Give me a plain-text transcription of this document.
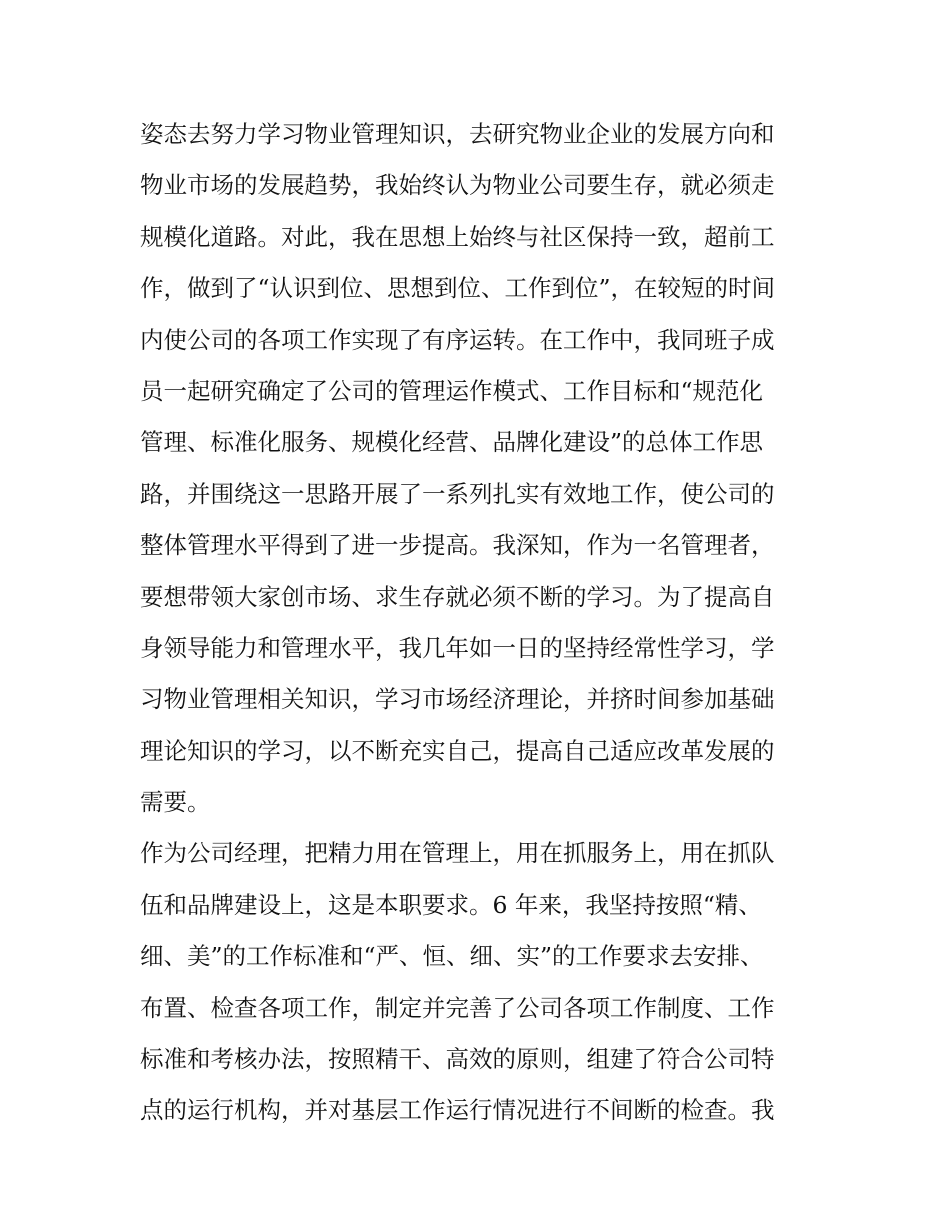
姿态去努力学习物业管理知识，去研究物业企业的发展方向和
物业市场的发展趋势，我始终认为物业公司要生存，就必须走
规模化道路。对此，我在思想上始终与社区保持一致，超前工
作，做到了“认识到位、思想到位、工作到位”，在较短的时间
内使公司的各项工作实现了有序运转。在工作中，我同班子成
员一起研究确定了公司的管理运作模式、工作目标和“规范化
管理、标准化服务、规模化经营、品牌化建设”的总体工作思
路，并围绕这一思路开展了一系列扎实有效地工作，使公司的
整体管理水平得到了进一步提高。我深知，作为一名管理者，
要想带领大家创市场、求生存就必须不断的学习。为了提高自
身领导能力和管理水平，我几年如一日的坚持经常性学习，学
习物业管理相关知识，学习市场经济理论，并挤时间参加基础
理论知识的学习，以不断充实自己，提高自己适应改革发展的
需要。
作为公司经理，把精力用在管理上，用在抓服务上，用在抓队
伍和品牌建设上，这是本职要求。6 年来，我坚持按照“精、
细、美”的工作标准和“严、恒、细、实”的工作要求去安排、
布置、检查各项工作，制定并完善了公司各项工作制度、工作
标准和考核办法，按照精干、高效的原则，组建了符合公司特
点的运行机构，并对基层工作运行情况进行不间断的检查。我
